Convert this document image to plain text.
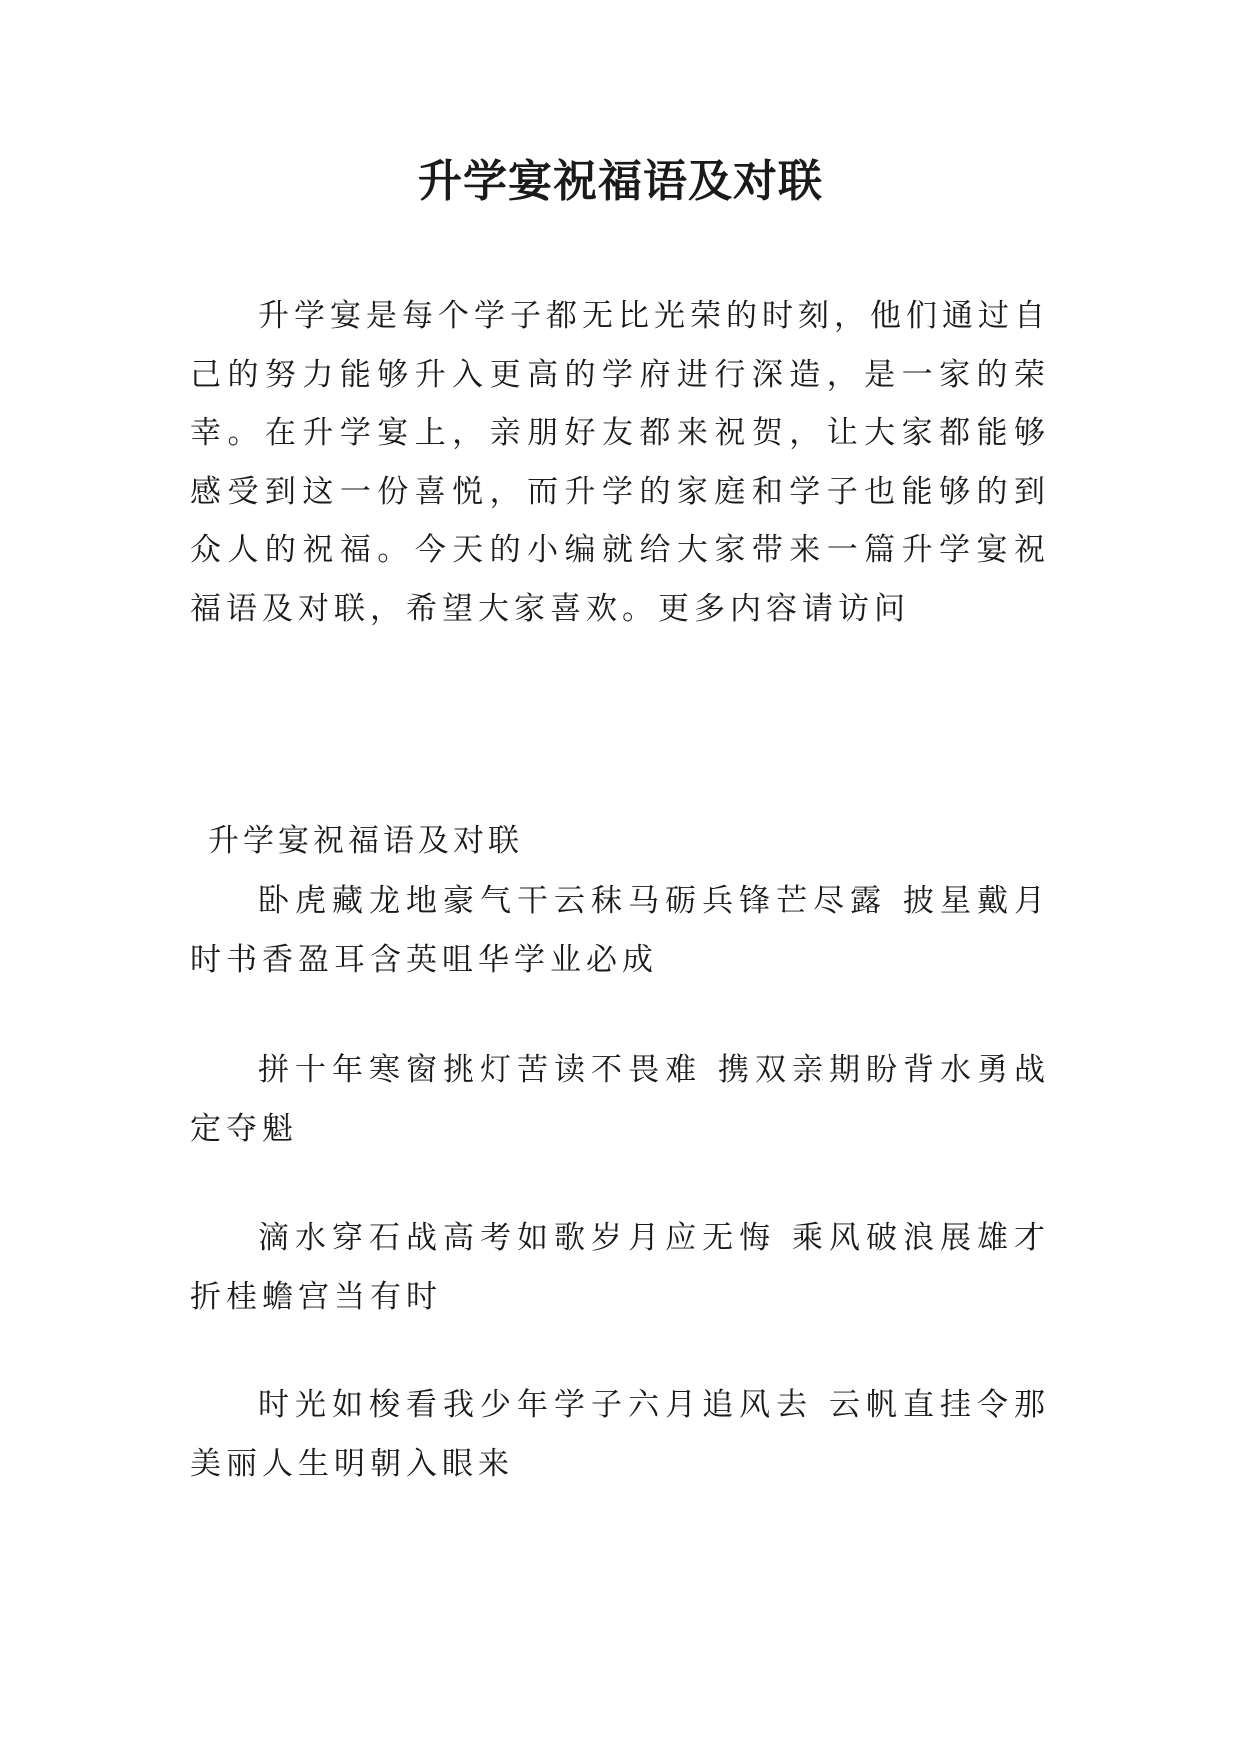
升学宴祝福语及对联

升学宴是每个学子都无比光荣的时刻，他们通过自己的努力能够升入更高的学府进行深造，是一家的荣幸。在升学宴上，亲朋好友都来祝贺，让大家都能够感受到这一份喜悦，而升学的家庭和学子也能够的到众人的祝福。今天的小编就给大家带来一篇升学宴祝福语及对联，希望大家喜欢。更多内容请访问

升学宴祝福语及对联

卧虎藏龙地豪气干云秣马砺兵锋芒尽露 披星戴月时书香盈耳含英咀华学业必成

拼十年寒窗挑灯苦读不畏难 携双亲期盼背水勇战定夺魁

滴水穿石战高考如歌岁月应无悔 乘风破浪展雄才折桂蟾宫当有时

时光如梭看我少年学子六月追风去 云帆直挂令那美丽人生明朝入眼来
